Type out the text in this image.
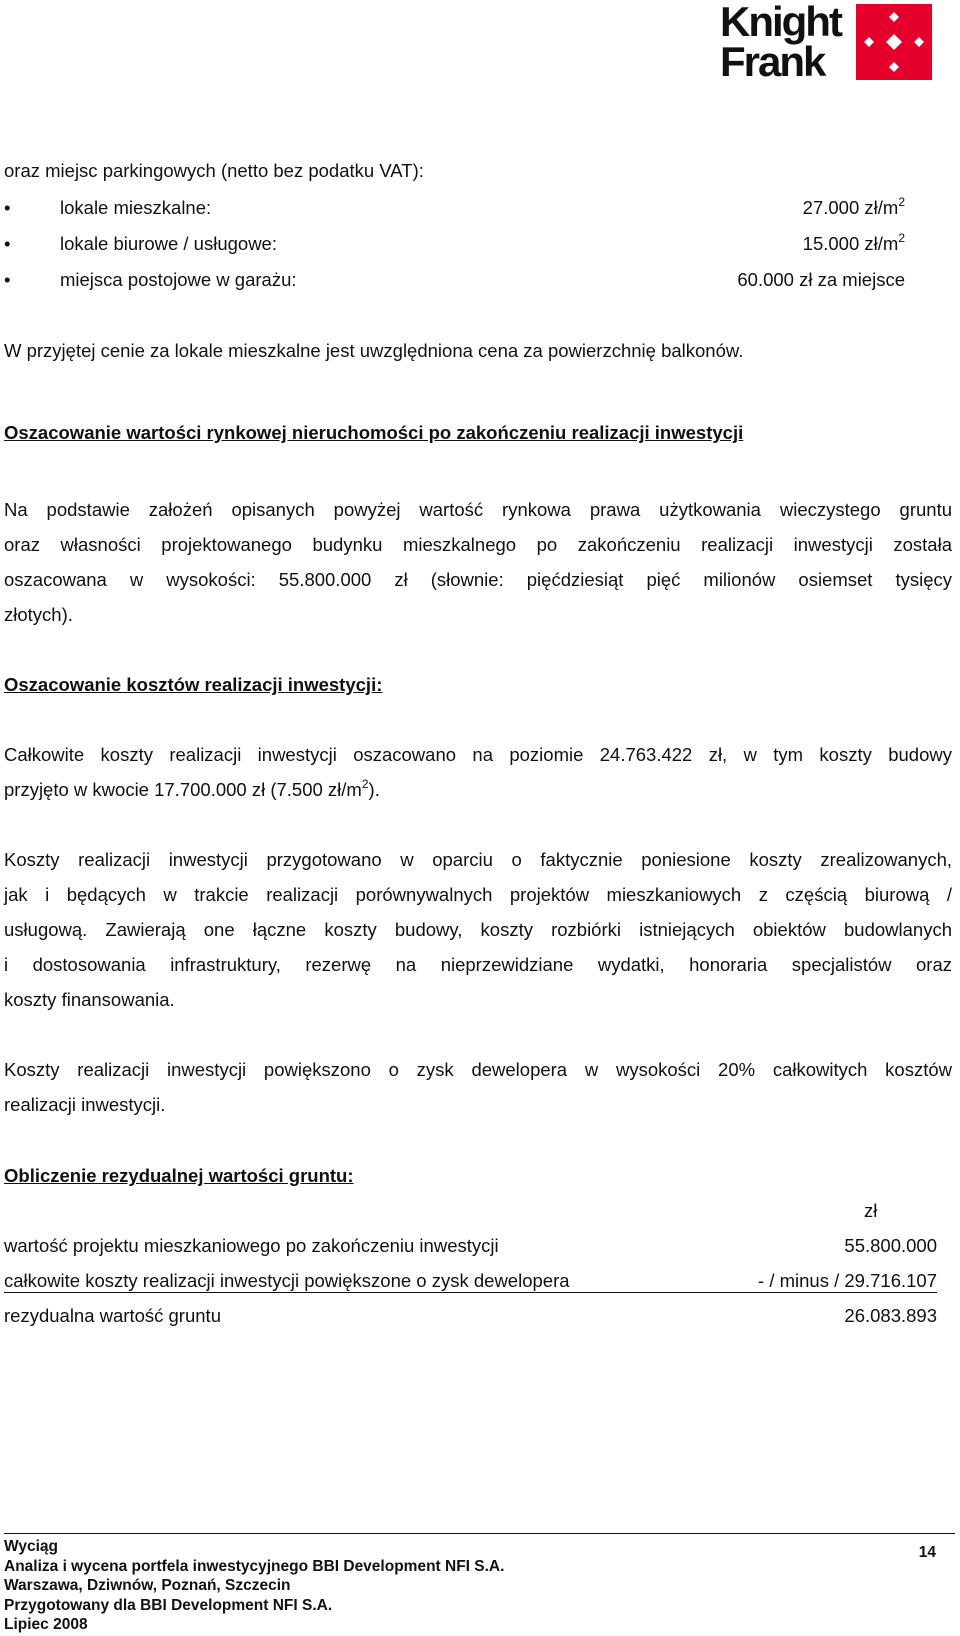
Knight
Frank
oraz miejsc parkingowych (netto bez podatku VAT):
•	lokale mieszkalne:	27.000 $zł/m^2$
•	lokale biurowe / usługowe:	15.000 $zł/m^2$
•	miejsca postojowe w garażu:	60.000 zł za miejsce
W przyjętej cenie za lokale mieszkalne jest uwzględniona cena za powierzchnię balkonów.
Oszacowanie wartości rynkowej nieruchomości po zakończeniu realizacji inwestycji
Na podstawie założeń opisanych powyżej wartość rynkowa prawa użytkowania wieczystego gruntu
oraz własności projektowanego budynku mieszkalnego po zakończeniu realizacji inwestycji została
oszacowana w wysokości: 55.800.000 zł (słownie: pięćdziesiąt pięć milionów osiemset tysięcy
złotych).
Oszacowanie kosztów realizacji inwestycji:
Całkowite koszty realizacji inwestycji oszacowano na poziomie 24.763.422 zł, w tym koszty budowy
przyjęto w kwocie 17.700.000 zł (7.500 $zł/m^2$).
Koszty realizacji inwestycji przygotowano w oparciu o faktycznie poniesione koszty zrealizowanych,
jak i będących w trakcie realizacji porównywalnych projektów mieszkaniowych z częścią biurową /
usługową. Zawierają one łączne koszty budowy, koszty rozbiórki istniejących obiektów budowlanych
i dostosowania infrastruktury, rezerwę na nieprzewidziane wydatki, honoraria specjalistów oraz
koszty finansowania.
Koszty realizacji inwestycji powiększono o zysk dewelopera w wysokości 20% całkowitych kosztów
realizacji inwestycji.
Obliczenie rezydualnej wartości gruntu:
zł
wartość projektu mieszkaniowego po zakończeniu inwestycji	55.800.000
całkowite koszty realizacji inwestycji powiększone o zysk dewelopera	- / minus / 29.716.107
rezydualna wartość gruntu	26.083.893
Wyciąg
Analiza i wycena portfela inwestycyjnego BBI Development NFI S.A.
Warszawa, Dziwnów, Poznań, Szczecin
Przygotowany dla BBI Development NFI S.A.
Lipiec 2008
14
